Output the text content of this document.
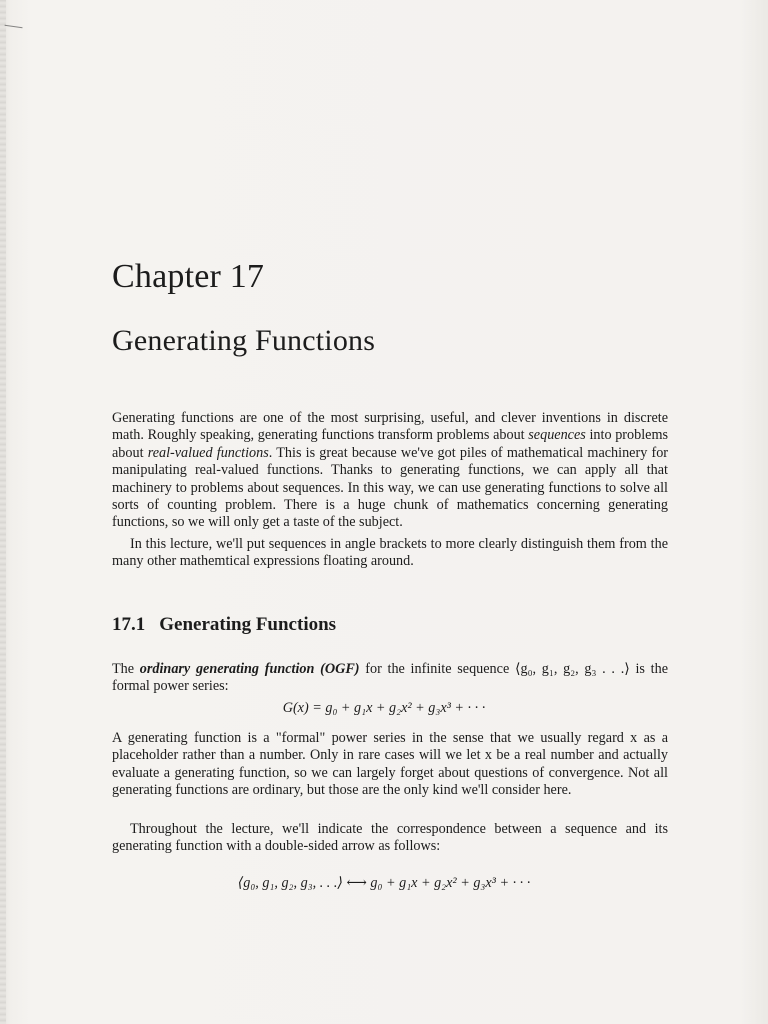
Chapter 17
Generating Functions

Generating functions are one of the most surprising, useful, and clever inventions in discrete math. Roughly speaking, generating functions transform problems about sequences into problems about real-valued functions. This is great because we've got piles of mathematical machinery for manipulating real-valued functions. Thanks to generating functions, we can apply all that machinery to problems about sequences. In this way, we can use generating functions to solve all sorts of counting problem. There is a huge chunk of mathematics concerning generating functions, so we will only get a taste of the subject.

In this lecture, we'll put sequences in angle brackets to more clearly distinguish them from the many other mathemtical expressions floating around.

17.1 Generating Functions

The ordinary generating function (OGF) for the infinite sequence ⟨g₀, g₁, g₂, g₃ . . .⟩ is the formal power series:

G(x) = g₀ + g₁x + g₂x² + g₃x³ + · · ·

A generating function is a "formal" power series in the sense that we usually regard x as a placeholder rather than a number. Only in rare cases will we let x be a real number and actually evaluate a generating function, so we can largely forget about questions of convergence. Not all generating functions are ordinary, but those are the only kind we'll consider here.

Throughout the lecture, we'll indicate the correspondence between a sequence and its generating function with a double-sided arrow as follows:

⟨g₀, g₁, g₂, g₃, . . .⟩ ⟷ g₀ + g₁x + g₂x² + g₃x³ + · · ·
